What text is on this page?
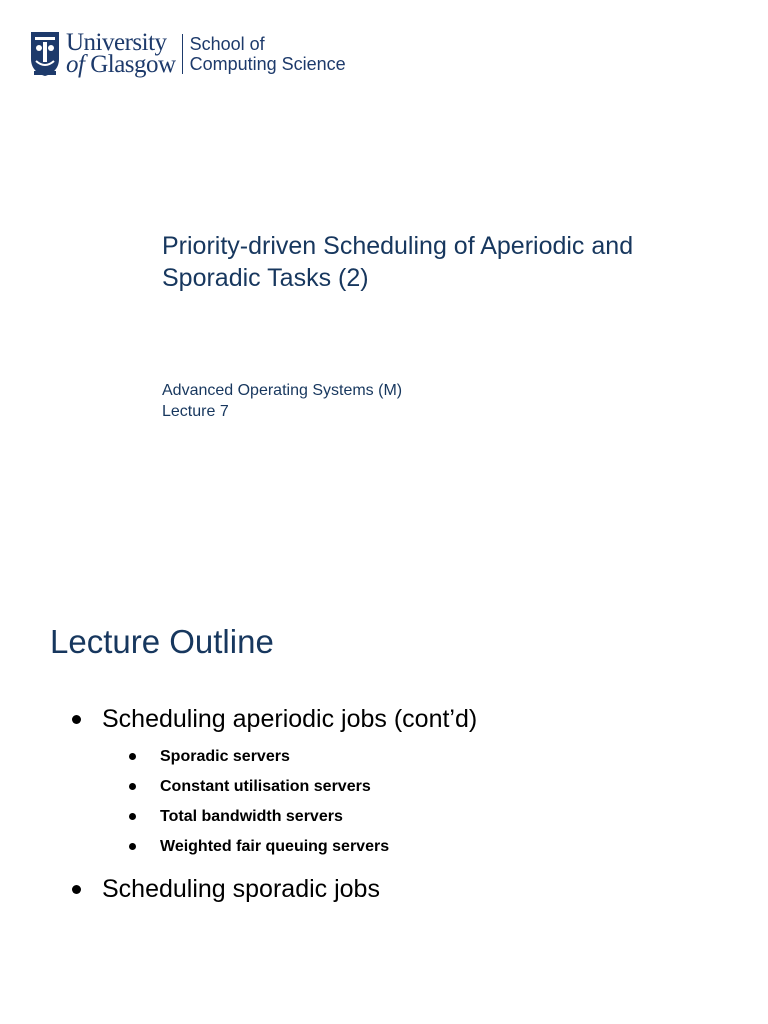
University
of Glasgow
School of
Computing Science
Priority-driven Scheduling of Aperiodic and
Sporadic Tasks (2)
Advanced Operating Systems (M)
Lecture 7
Lecture Outline
Scheduling aperiodic jobs (cont’d)
Sporadic servers
Constant utilisation servers
Total bandwidth servers
Weighted fair queuing servers
Scheduling sporadic jobs
